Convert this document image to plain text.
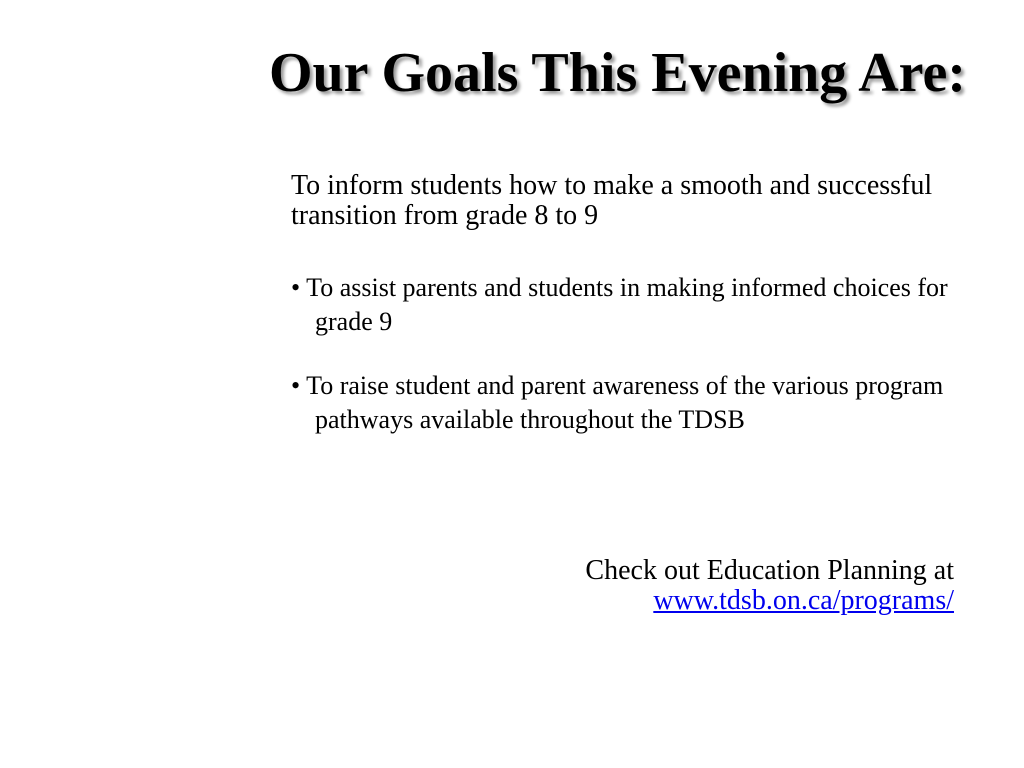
Our Goals This Evening Are:

To inform students how to make a smooth and successful transition from grade 8 to 9

• To assist parents and students in making informed choices for grade 9

• To raise student and parent awareness of the various program pathways available throughout the TDSB

Check out Education Planning at
www.tdsb.on.ca/programs/
